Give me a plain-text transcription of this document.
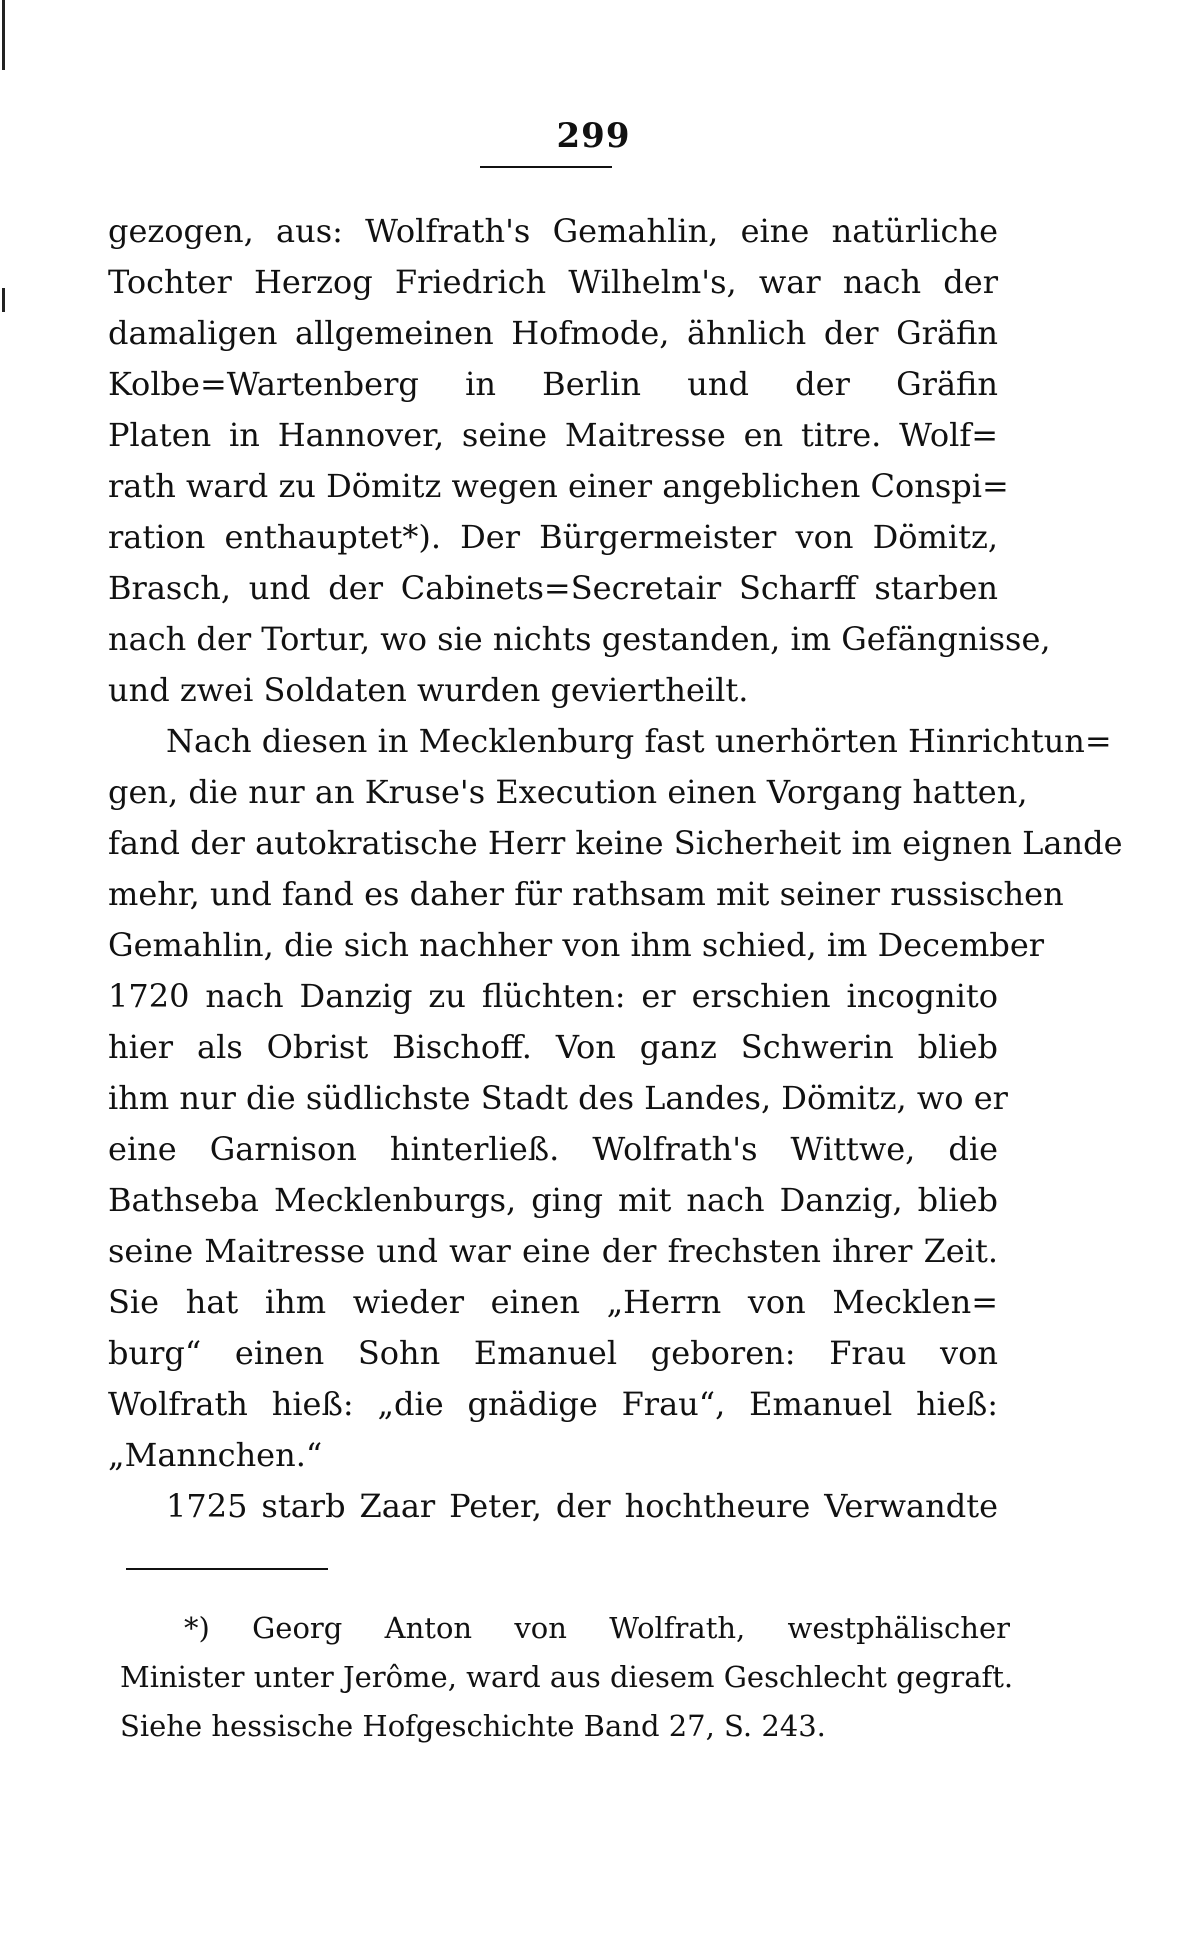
299
gezogen, aus: Wolfrath's Gemahlin, eine natürliche
Tochter Herzog Friedrich Wilhelm's, war nach der
damaligen allgemeinen Hofmode, ähnlich der Gräfin
Kolbe=Wartenberg in Berlin und der Gräfin
Platen in Hannover, seine Maitresse en titre. Wolf=
rath ward zu Dömitz wegen einer angeblichen Conspi=
ration enthauptet*). Der Bürgermeister von Dömitz,
Brasch, und der Cabinets=Secretair Scharff starben
nach der Tortur, wo sie nichts gestanden, im Gefängnisse,
und zwei Soldaten wurden geviertheilt.
Nach diesen in Mecklenburg fast unerhörten Hinrichtun=
gen, die nur an Kruse's Execution einen Vorgang hatten,
fand der autokratische Herr keine Sicherheit im eignen Lande
mehr, und fand es daher für rathsam mit seiner russischen
Gemahlin, die sich nachher von ihm schied, im December
1720 nach Danzig zu flüchten: er erschien incognito
hier als Obrist Bischoff. Von ganz Schwerin blieb
ihm nur die südlichste Stadt des Landes, Dömitz, wo er
eine Garnison hinterließ. Wolfrath's Wittwe, die
Bathseba Mecklenburgs, ging mit nach Danzig, blieb
seine Maitresse und war eine der frechsten ihrer Zeit.
Sie hat ihm wieder einen „Herrn von Mecklen=
burg“ einen Sohn Emanuel geboren: Frau von
Wolfrath hieß: „die gnädige Frau“, Emanuel hieß:
„Mannchen.“
1725 starb Zaar Peter, der hochtheure Verwandte
*) Georg Anton von Wolfrath, westphälischer
Minister unter Jerôme, ward aus diesem Geschlecht gegraft.
Siehe hessische Hofgeschichte Band 27, S. 243.
